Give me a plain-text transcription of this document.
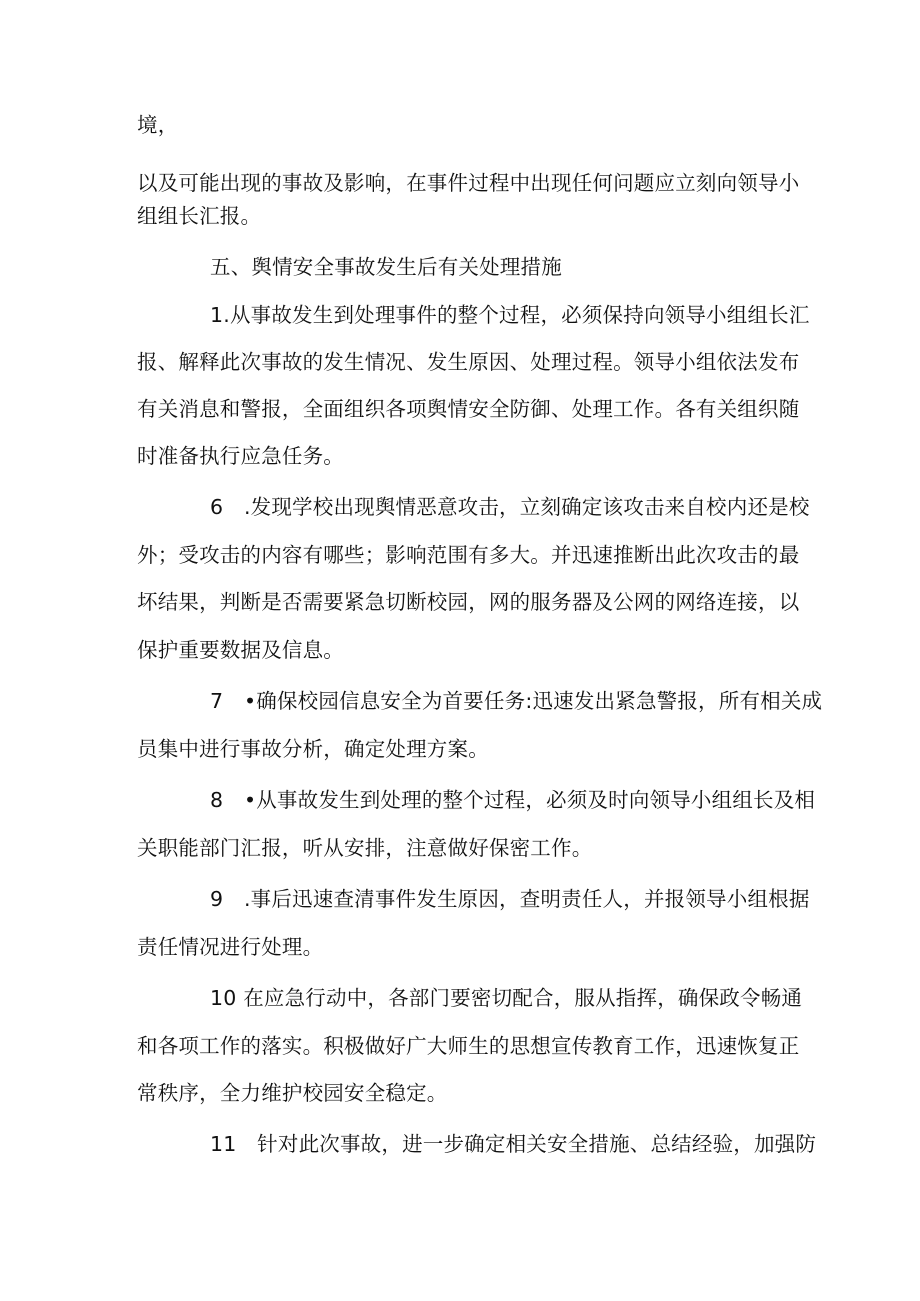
境，
以及可能出现的事故及影响，在事件过程中出现任何问题应立刻向领导小
组组长汇报。
五、舆情安全事故发生后有关处理措施
1.从事故发生到处理事件的整个过程，必须保持向领导小组组长汇
报、解释此次事故的发生情况、发生原因、处理过程。领导小组依法发布
有关消息和警报，全面组织各项舆情安全防御、处理工作。各有关组织随
时准备执行应急任务。
6　.发现学校出现舆情恶意攻击，立刻确定该攻击来自校内还是校
外；受攻击的内容有哪些；影响范围有多大。并迅速推断出此次攻击的最
坏结果，判断是否需要紧急切断校园，网的服务器及公网的网络连接，以
保护重要数据及信息。
7　•确保校园信息安全为首要任务:迅速发出紧急警报，所有相关成
员集中进行事故分析，确定处理方案。
8　•从事故发生到处理的整个过程，必须及时向领导小组组长及相
关职能部门汇报，听从安排，注意做好保密工作。
9　.事后迅速查清事件发生原因，查明责任人，并报领导小组根据
责任情况进行处理。
10 在应急行动中，各部门要密切配合，服从指挥，确保政令畅通
和各项工作的落实。积极做好广大师生的思想宣传教育工作，迅速恢复正
常秩序，全力维护校园安全稳定。
11　针对此次事故，进一步确定相关安全措施、总结经验，加强防
